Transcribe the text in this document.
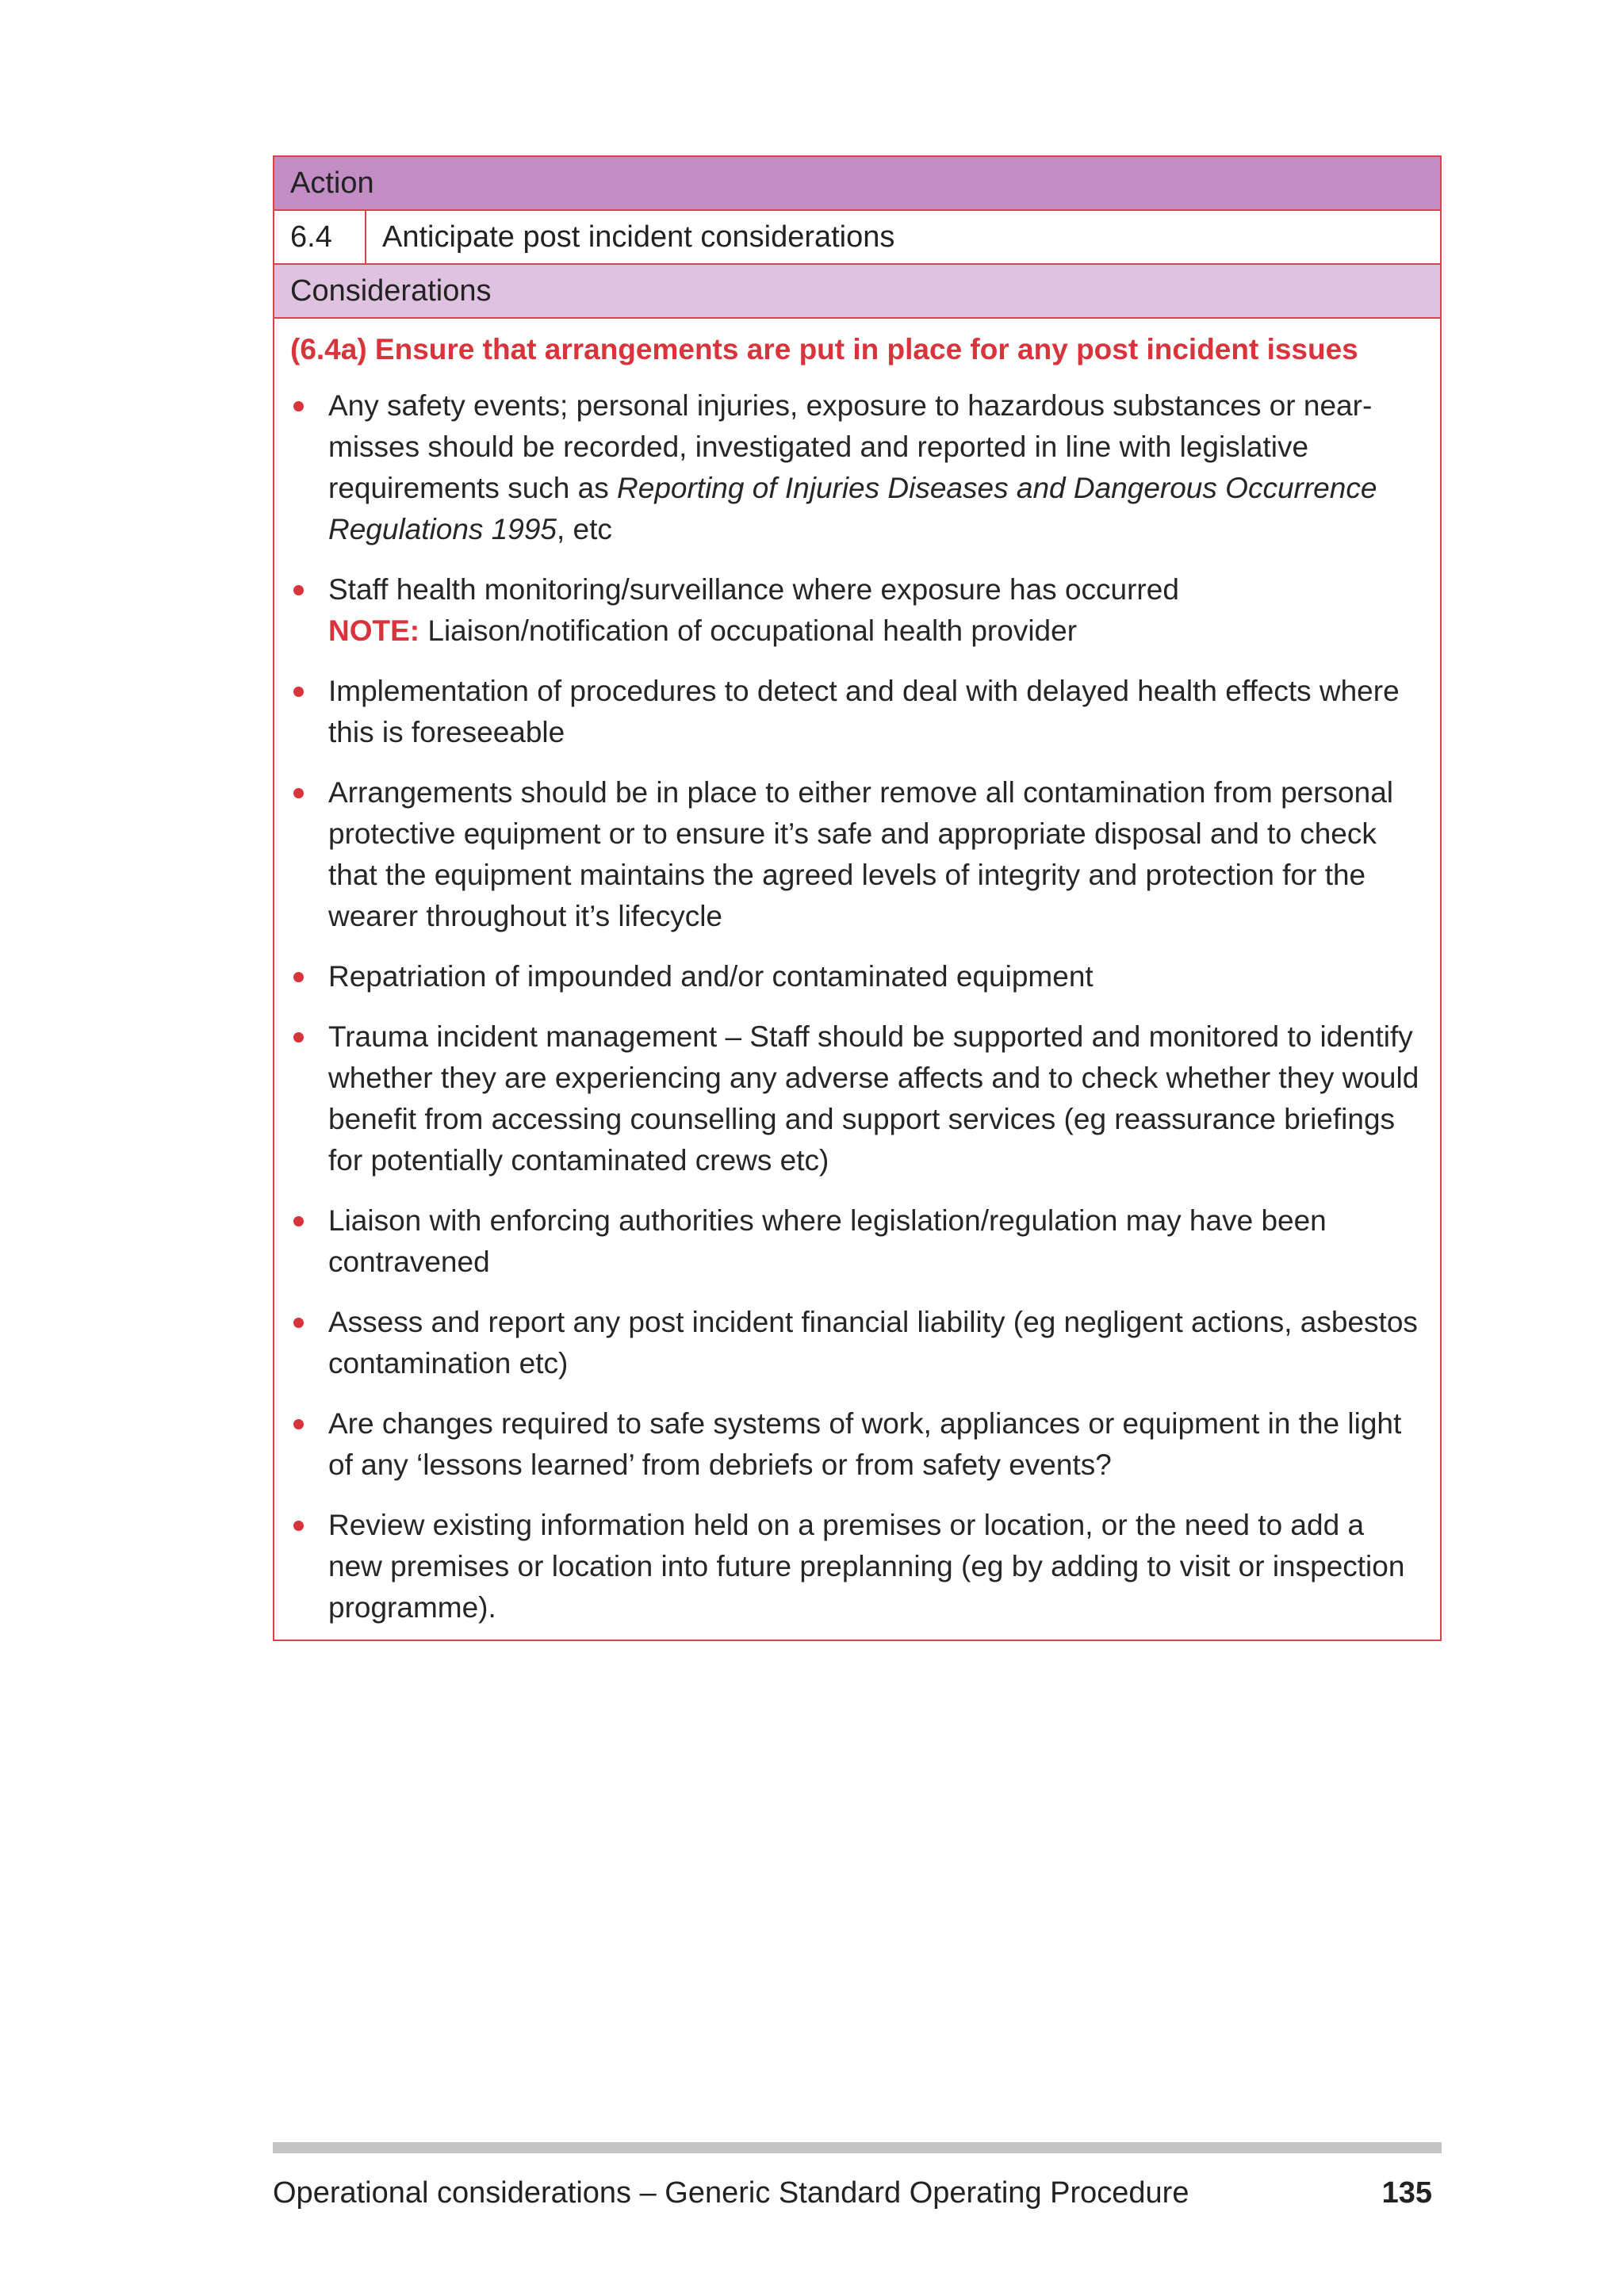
Action
6.4	Anticipate post incident considerations
Considerations
(6.4a) Ensure that arrangements are put in place for any post incident issues
Any safety events; personal injuries, exposure to hazardous substances or near-misses should be recorded, investigated and reported in line with legislative requirements such as Reporting of Injuries Diseases and Dangerous Occurrence Regulations 1995, etc
Staff health monitoring/surveillance where exposure has occurred
NOTE: Liaison/notification of occupational health provider
Implementation of procedures to detect and deal with delayed health effects where this is foreseeable
Arrangements should be in place to either remove all contamination from personal protective equipment or to ensure it’s safe and appropriate disposal and to check that the equipment maintains the agreed levels of integrity and protection for the wearer throughout it’s lifecycle
Repatriation of impounded and/or contaminated equipment
Trauma incident management – Staff should be supported and monitored to identify whether they are experiencing any adverse affects and to check whether they would benefit from accessing counselling and support services (eg reassurance briefings for potentially contaminated crews etc)
Liaison with enforcing authorities where legislation/regulation may have been contravened
Assess and report any post incident financial liability (eg negligent actions, asbestos contamination etc)
Are changes required to safe systems of work, appliances or equipment in the light of any ‘lessons learned’ from debriefs or from safety events?
Review existing information held on a premises or location, or the need to add a new premises or location into future preplanning (eg by adding to visit or inspection programme).
Operational considerations – Generic Standard Operating Procedure	135
